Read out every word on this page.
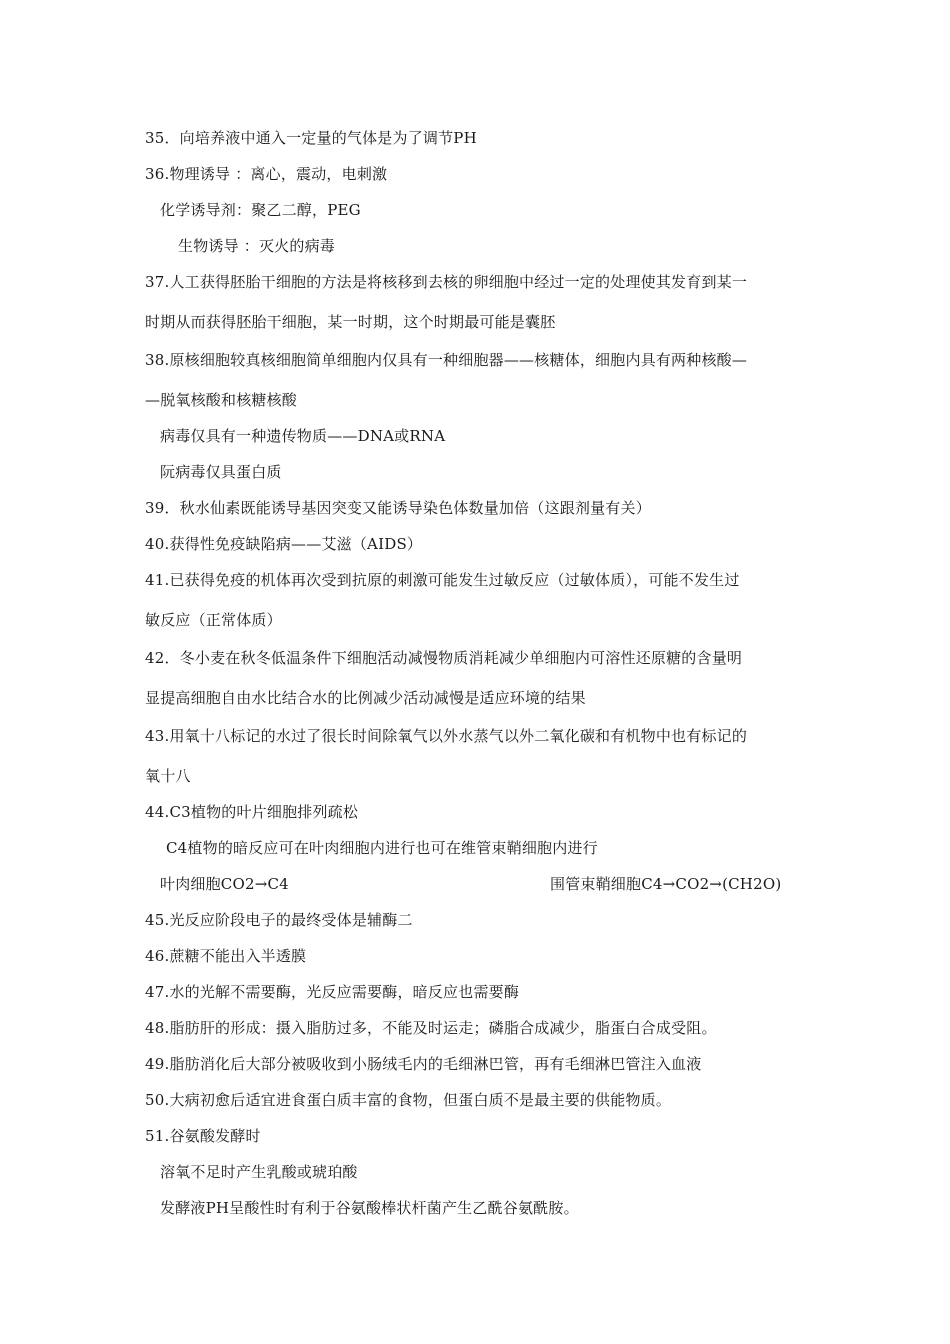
35．向培养液中通入一定量的气体是为了调节PH
36.物理诱导 ：离心，震动，电刺激
化学诱导剂：聚乙二醇，PEG
生物诱导 ：灭火的病毒
37.人工获得胚胎干细胞的方法是将核移到去核的卵细胞中经过一定的处理使其发育到某一
时期从而获得胚胎干细胞，某一时期，这个时期最可能是囊胚
38.原核细胞较真核细胞简单细胞内仅具有一种细胞器——核糖体，细胞内具有两种核酸—
—脱氧核酸和核糖核酸
病毒仅具有一种遗传物质——DNA或RNA
阮病毒仅具蛋白质
39．秋水仙素既能诱导基因突变又能诱导染色体数量加倍（这跟剂量有关）
40.获得性免疫缺陷病——艾滋（AIDS）
41.已获得免疫的机体再次受到抗原的刺激可能发生过敏反应（过敏体质），可能不发生过
敏反应（正常体质）
42．冬小麦在秋冬低温条件下细胞活动减慢物质消耗减少单细胞内可溶性还原糖的含量明
显提高细胞自由水比结合水的比例减少活动减慢是适应环境的结果
43.用氧十八标记的水过了很长时间除氧气以外水蒸气以外二氧化碳和有机物中也有标记的
氧十八
44.C3植物的叶片细胞排列疏松
C4植物的暗反应可在叶肉细胞内进行也可在维管束鞘细胞内进行
叶肉细胞CO2→C4	围管束鞘细胞C4→CO2→(CH2O)
45.光反应阶段电子的最终受体是辅酶二
46.蔗糖不能出入半透膜
47.水的光解不需要酶，光反应需要酶，暗反应也需要酶
48.脂肪肝的形成：摄入脂肪过多，不能及时运走；磷脂合成减少，脂蛋白合成受阻。
49.脂肪消化后大部分被吸收到小肠绒毛内的毛细淋巴管，再有毛细淋巴管注入血液
50.大病初愈后适宜进食蛋白质丰富的食物，但蛋白质不是最主要的供能物质。
51.谷氨酸发酵时
溶氧不足时产生乳酸或琥珀酸
发酵液PH呈酸性时有利于谷氨酸棒状杆菌产生乙酰谷氨酰胺。
